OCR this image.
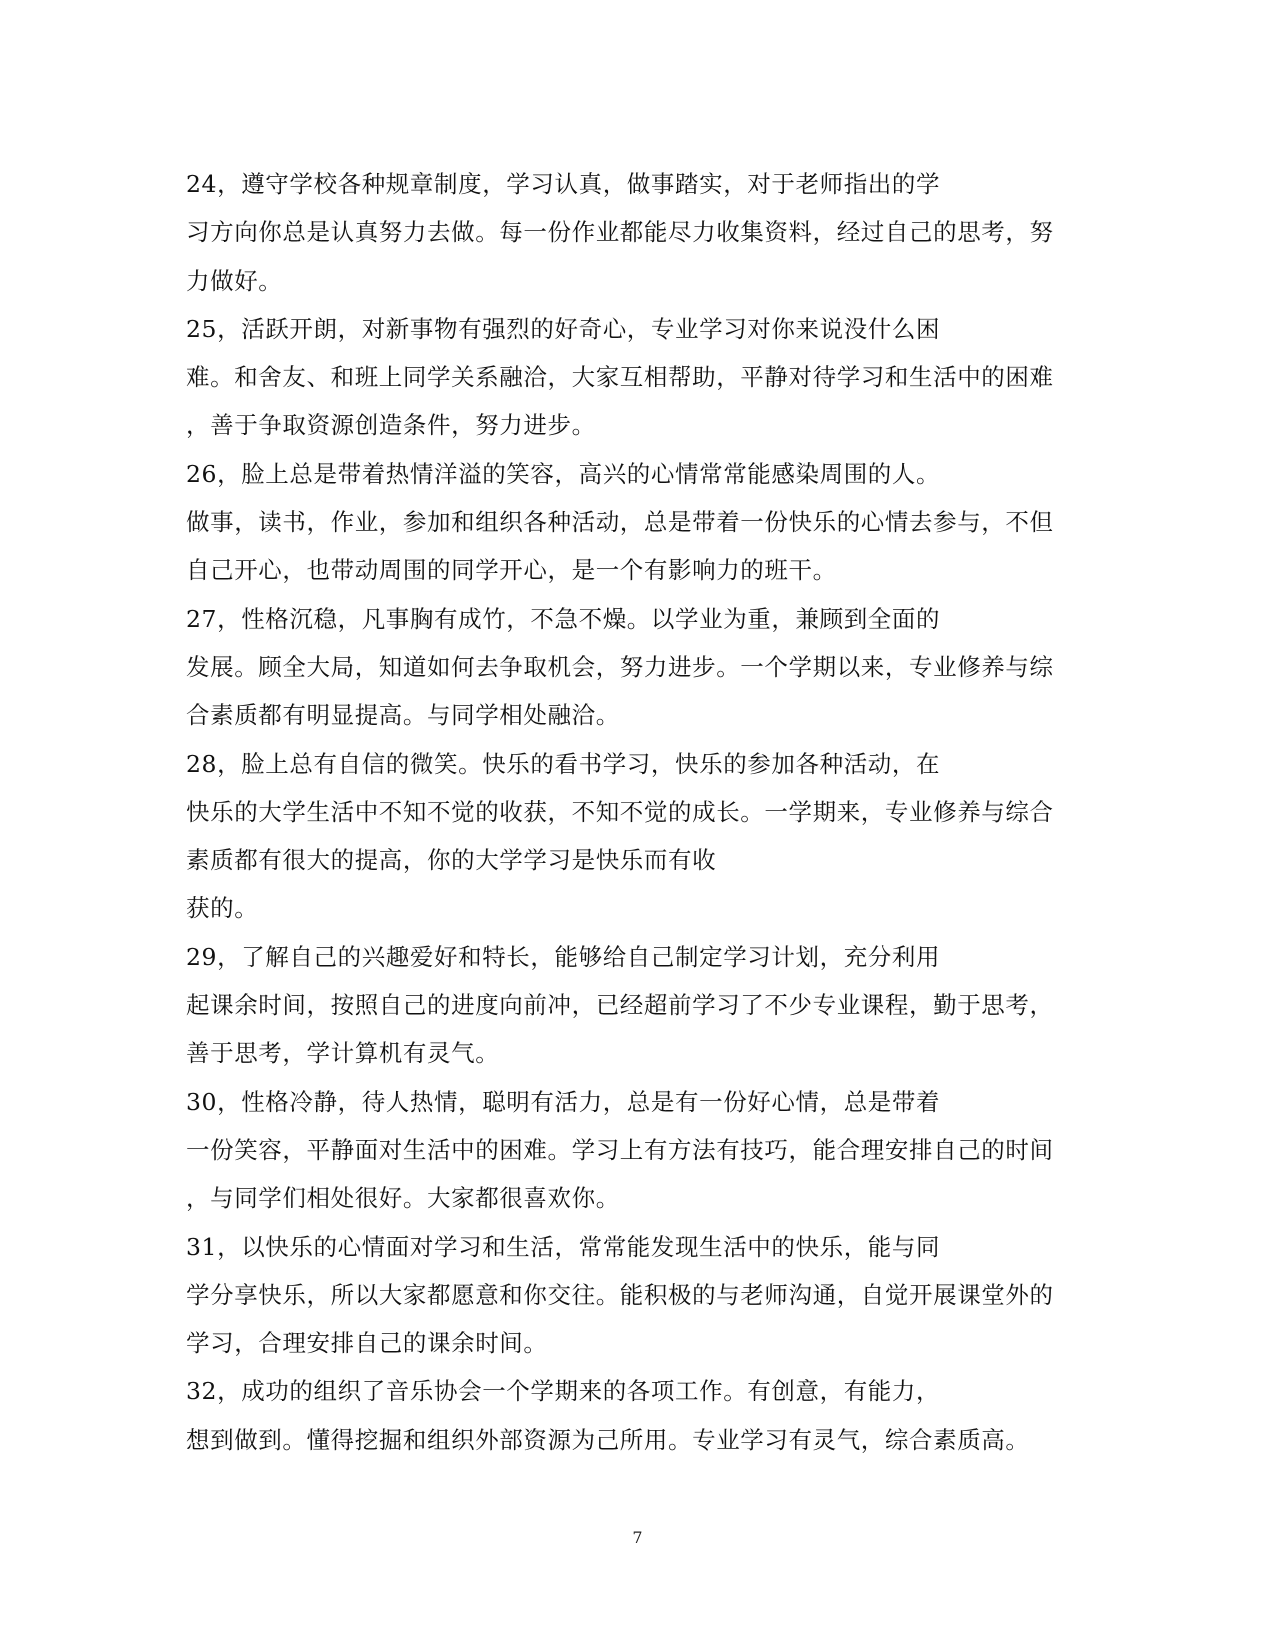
24，遵守学校各种规章制度，学习认真，做事踏实，对于老师指出的学
习方向你总是认真努力去做。每一份作业都能尽力收集资料，经过自己的思考，努
力做好。
25，活跃开朗，对新事物有强烈的好奇心，专业学习对你来说没什么困
难。和舍友、和班上同学关系融洽，大家互相帮助，平静对待学习和生活中的困难
，善于争取资源创造条件，努力进步。
26，脸上总是带着热情洋溢的笑容，高兴的心情常常能感染周围的人。
做事，读书，作业，参加和组织各种活动，总是带着一份快乐的心情去参与，不但
自己开心，也带动周围的同学开心，是一个有影响力的班干。
27，性格沉稳，凡事胸有成竹，不急不燥。以学业为重，兼顾到全面的
发展。顾全大局，知道如何去争取机会，努力进步。一个学期以来，专业修养与综
合素质都有明显提高。与同学相处融洽。
28，脸上总有自信的微笑。快乐的看书学习，快乐的参加各种活动，在
快乐的大学生活中不知不觉的收获，不知不觉的成长。一学期来，专业修养与综合
素质都有很大的提高，你的大学学习是快乐而有收
获的。
29，了解自己的兴趣爱好和特长，能够给自己制定学习计划，充分利用
起课余时间，按照自己的进度向前冲，已经超前学习了不少专业课程，勤于思考，
善于思考，学计算机有灵气。
30，性格冷静，待人热情，聪明有活力，总是有一份好心情，总是带着
一份笑容，平静面对生活中的困难。学习上有方法有技巧，能合理安排自己的时间
，与同学们相处很好。大家都很喜欢你。
31，以快乐的心情面对学习和生活，常常能发现生活中的快乐，能与同
学分享快乐，所以大家都愿意和你交往。能积极的与老师沟通，自觉开展课堂外的
学习，合理安排自己的课余时间。
32，成功的组织了音乐协会一个学期来的各项工作。有创意，有能力，
想到做到。懂得挖掘和组织外部资源为己所用。专业学习有灵气，综合素质高。
7
